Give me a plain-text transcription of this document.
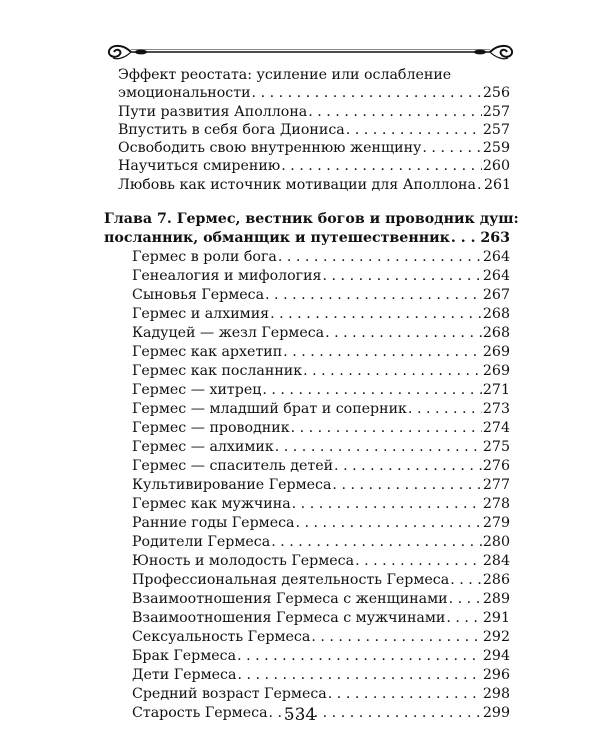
Эффект реостата: усиление или ослабление
эмоциональности . . .	256
Пути развития Аполлона . . .	257
Впустить в себя бога Диониса . . .	257
Освободить свою внутреннюю женщину . . .	259
Научиться смирению . . .	260
Любовь как источник мотивации для Аполлона . . . 261
Глава 7. Гермес, вестник богов и проводник душ:
посланник, обманщик и путешественник . . . 263
Гермес в роли бога . . .	264
Генеалогия и мифология . . .	264
Сыновья Гермеса . . .	267
Гермес и алхимия . . .	268
Кадуцей — жезл Гермеса . . .	268
Гермес как архетип . . .	269
Гермес как посланник . . .	269
Гермес — хитрец . . .	271
Гермес — младший брат и соперник . . .	273
Гермес — проводник . . .	274
Гермес — алхимик . . .	275
Гермес — спаситель детей . . .	276
Культивирование Гермеса . . .	277
Гермес как мужчина . . .	278
Ранние годы Гермеса . . .	279
Родители Гермеса . . .	280
Юность и молодость Гермеса . . .	284
Профессиональная деятельность Гермеса . . . 286
Взаимоотношения Гермеса с женщинами . . . 289
Взаимоотношения Гермеса с мужчинами . . .	291
Сексуальность Гермеса . . .	292
Брак Гермеса . . .	294
Дети Гермеса . . .	296
Средний возраст Гермеса . . .	298
Старость Гермеса . . .	299
534
